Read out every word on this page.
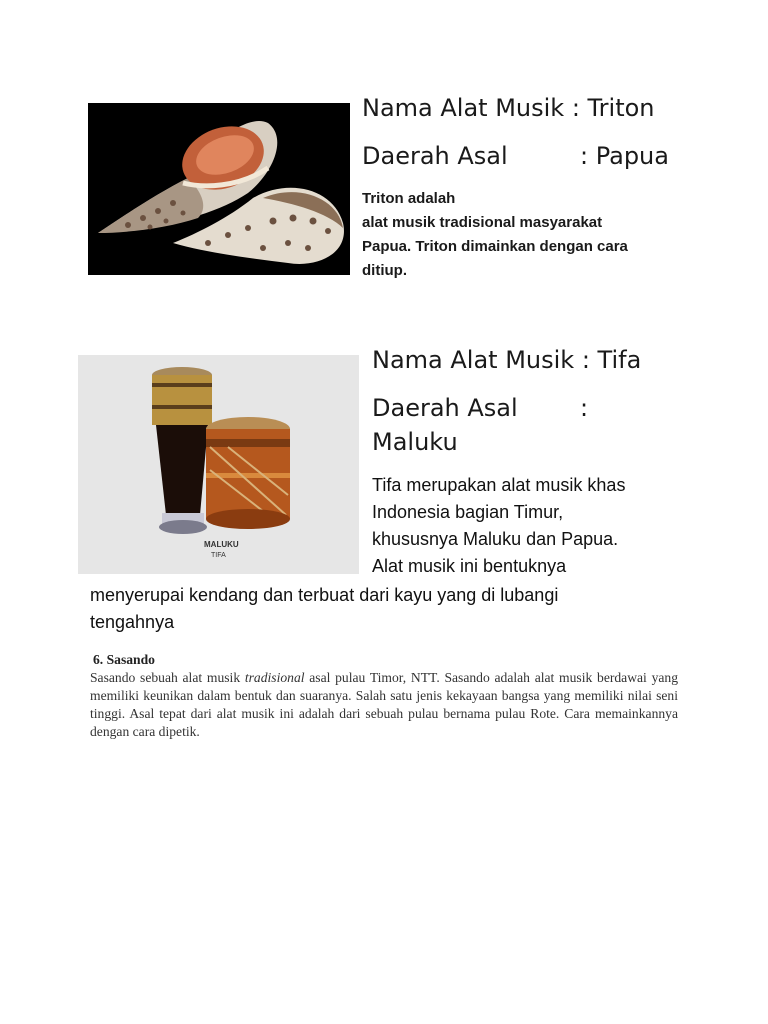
Nama Alat Musik : Triton
Daerah Asal	: Papua
Triton adalah
alat musik tradisional masyarakat
Papua. Triton dimainkan dengan cara
ditiup.
MALUKU
TIFA
Nama Alat Musik : Tifa
Daerah Asal	:
Maluku
Tifa merupakan alat musik khas
Indonesia bagian Timur,
khususnya Maluku dan Papua.
Alat musik ini bentuknya
menyerupai kendang dan terbuat dari kayu yang di lubangi
tengahnya
6. Sasando
Sasando sebuah alat musik tradisional asal pulau Timor, NTT. Sasando adalah alat musik berdawai yang memiliki keunikan dalam bentuk dan suaranya. Salah satu jenis kekayaan bangsa yang memiliki nilai seni tinggi. Asal tepat dari alat musik ini adalah dari sebuah pulau bernama pulau Rote. Cara memainkannya dengan cara dipetik.
